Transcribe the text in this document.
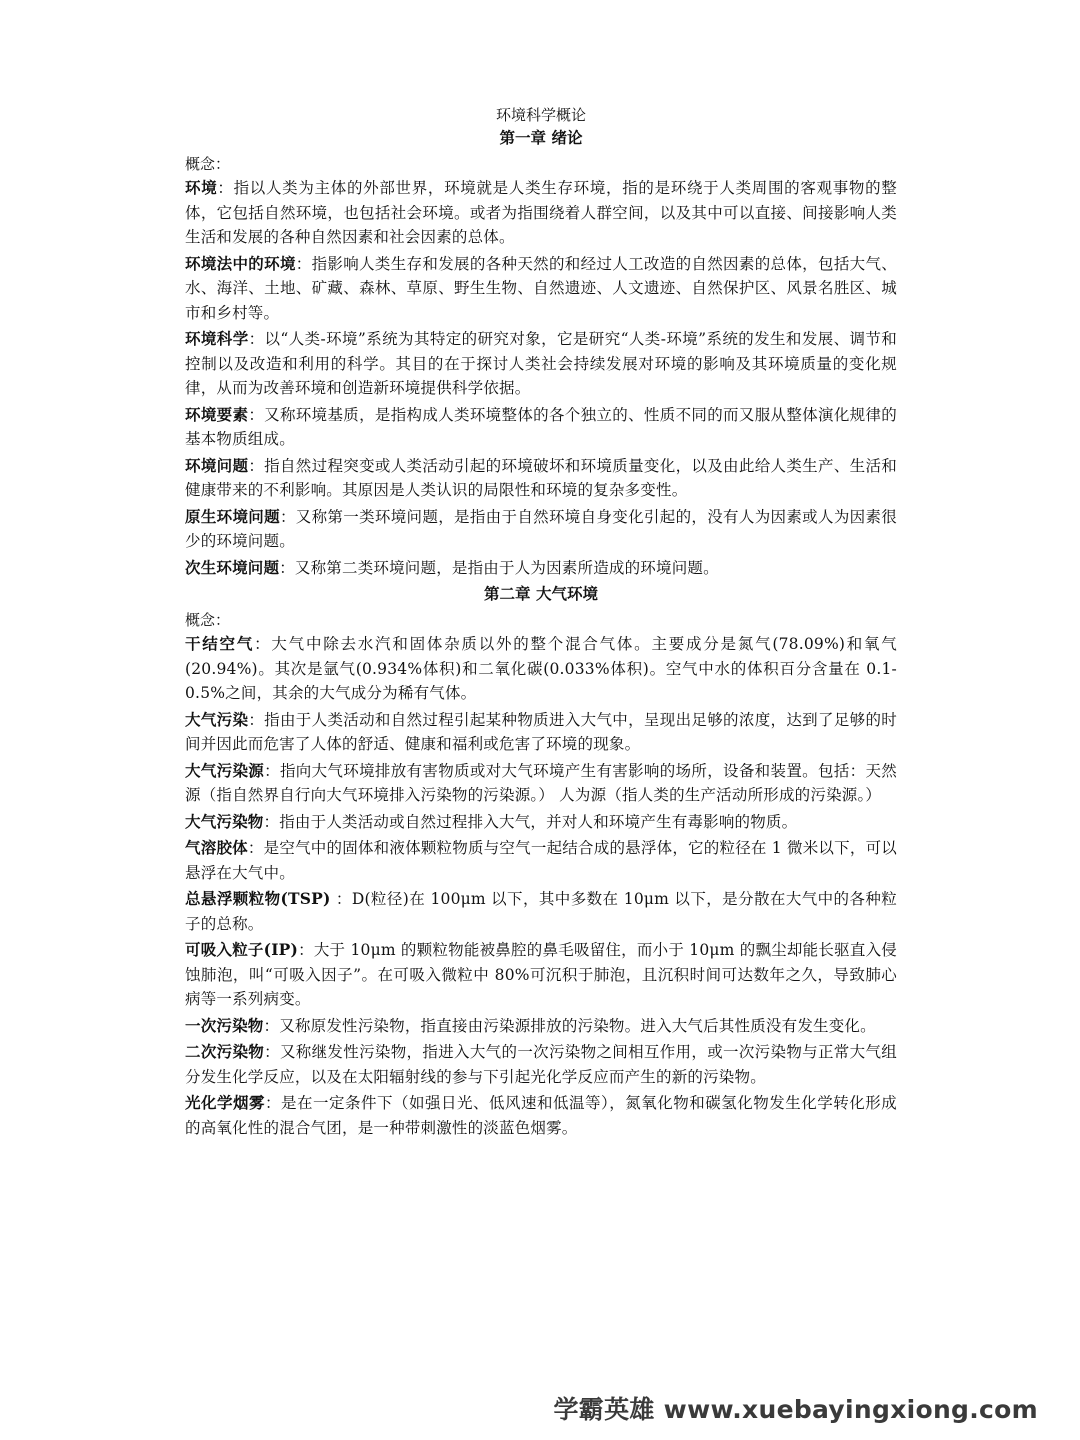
环境科学概论
第一章 绪论

概念：

环境：指以人类为主体的外部世界，环境就是人类生存环境，指的是环绕于人类周围的客观事物的整体，它包括自然环境，也包括社会环境。或者为指围绕着人群空间，以及其中可以直接、间接影响人类生活和发展的各种自然因素和社会因素的总体。

环境法中的环境：指影响人类生存和发展的各种天然的和经过人工改造的自然因素的总体，包括大气、水、海洋、土地、矿藏、森林、草原、野生生物、自然遗迹、人文遗迹、自然保护区、风景名胜区、城市和乡村等。

环境科学：以“人类-环境”系统为其特定的研究对象，它是研究“人类-环境”系统的发生和发展、调节和控制以及改造和利用的科学。其目的在于探讨人类社会持续发展对环境的影响及其环境质量的变化规律，从而为改善环境和创造新环境提供科学依据。

环境要素：又称环境基质，是指构成人类环境整体的各个独立的、性质不同的而又服从整体演化规律的基本物质组成。

环境问题：指自然过程突变或人类活动引起的环境破坏和环境质量变化，以及由此给人类生产、生活和健康带来的不利影响。其原因是人类认识的局限性和环境的复杂多变性。

原生环境问题：又称第一类环境问题，是指由于自然环境自身变化引起的，没有人为因素或人为因素很少的环境问题。

次生环境问题：又称第二类环境问题，是指由于人为因素所造成的环境问题。

第二章 大气环境

概念：

干结空气：大气中除去水汽和固体杂质以外的整个混合气体。主要成分是氮气(78.09%)和氧气(20.94%)。其次是氩气(0.934%体积)和二氧化碳(0.033%体积)。空气中水的体积百分含量在 0.1-0.5%之间，其余的大气成分为稀有气体。

大气污染：指由于人类活动和自然过程引起某种物质进入大气中，呈现出足够的浓度，达到了足够的时间并因此而危害了人体的舒适、健康和福利或危害了环境的现象。

大气污染源：指向大气环境排放有害物质或对大气环境产生有害影响的场所，设备和装置。包括：天然源（指自然界自行向大气环境排入污染物的污染源。） 人为源（指人类的生产活动所形成的污染源。）

大气污染物：指由于人类活动或自然过程排入大气，并对人和环境产生有毒影响的物质。

气溶胶体：是空气中的固体和液体颗粒物质与空气一起结合成的悬浮体，它的粒径在 1 微米以下，可以悬浮在大气中。

总悬浮颗粒物(TSP) ：D(粒径)在 100μm 以下，其中多数在 10μm 以下，是分散在大气中的各种粒子的总称。

可吸入粒子(IP)：大于 10μm 的颗粒物能被鼻腔的鼻毛吸留住，而小于 10μm 的飘尘却能长驱直入侵蚀肺泡，叫“可吸入因子”。在可吸入微粒中 80%可沉积于肺泡，且沉积时间可达数年之久，导致肺心病等一系列病变。

一次污染物：又称原发性污染物，指直接由污染源排放的污染物。进入大气后其性质没有发生变化。

二次污染物：又称继发性污染物，指进入大气的一次污染物之间相互作用，或一次污染物与正常大气组分发生化学反应，以及在太阳辐射线的参与下引起光化学反应而产生的新的污染物。

光化学烟雾：是在一定条件下（如强日光、低风速和低温等），氮氧化物和碳氢化物发生化学转化形成的高氧化性的混合气团，是一种带刺激性的淡蓝色烟雾。

学霸英雄 www.xuebayingxiong.com
